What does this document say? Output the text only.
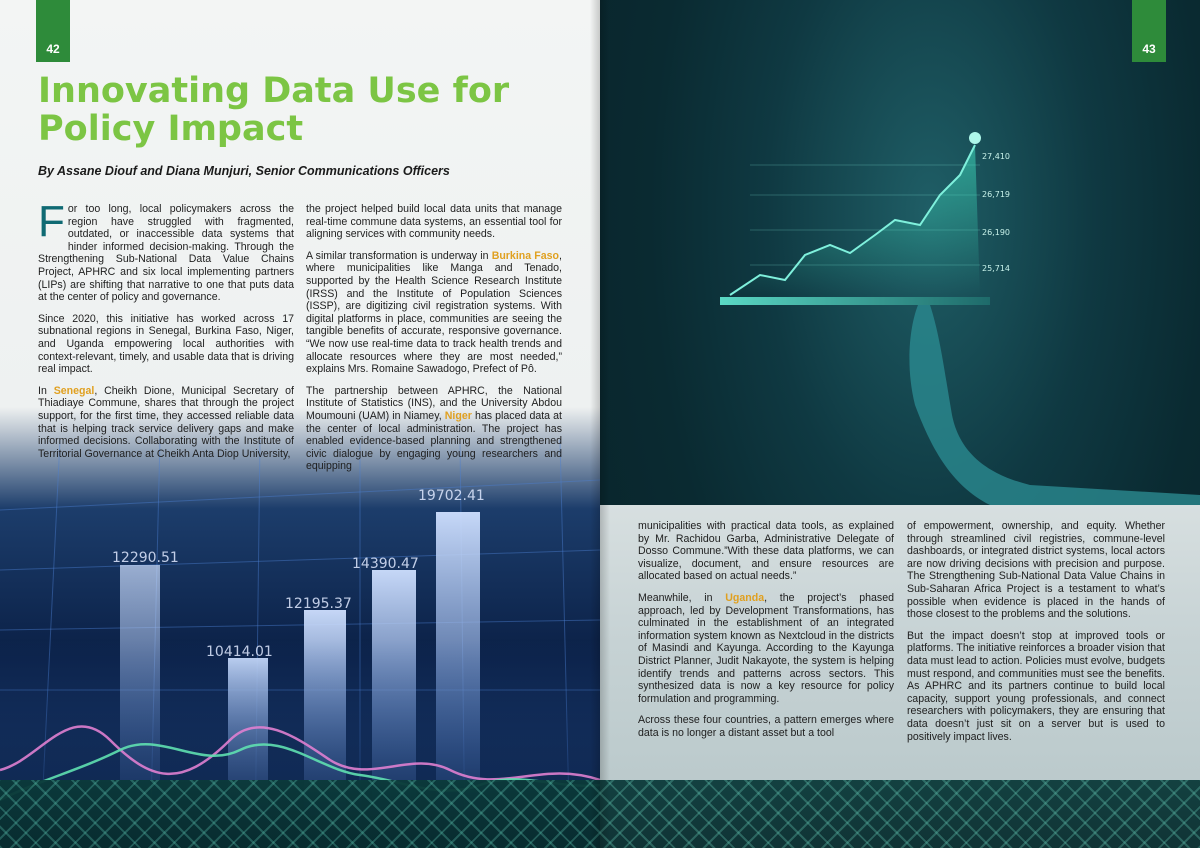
12290.51
10414.01
12195.37
14390.47
19702.41
42
Innovating Data Use for Policy Impact
By Assane Diouf and Diana Munjuri, Senior Communications Officers

For too long, local policymakers across the region have struggled with fragmented, outdated, or inaccessible data systems that hinder informed decision-making. Through the Strengthening Sub-National Data Value Chains Project, APHRC and six local implementing partners (LIPs) are shifting that narrative to one that puts data at the center of policy and governance.

Since 2020, this initiative has worked across 17 subnational regions in Senegal, Burkina Faso, Niger, and Uganda empowering local authorities with context-relevant, timely, and usable data that is driving real impact.

In Senegal, Cheikh Dione, Municipal Secretary of Thiadiaye Commune, shares that through the project support, for the first time, they accessed reliable data that is helping track service delivery gaps and make informed decisions. Collaborating with the Institute of Territorial Governance at Cheikh Anta Diop University,

the project helped build local data units that manage real-time commune data systems, an essential tool for aligning services with community needs.

A similar transformation is underway in Burkina Faso, where municipalities like Manga and Tenado, supported by the Health Science Research Institute (IRSS) and the Institute of Population Sciences (ISSP), are digitizing civil registration systems. With digital platforms in place, communities are seeing the tangible benefits of accurate, responsive governance. “We now use real-time data to track health trends and allocate resources where they are most needed,” explains Mrs. Romaine Sawadogo, Prefect of Pô.

The partnership between APHRC, the National Institute of Statistics (INS), and the University Abdou Moumouni (UAM) in Niamey, Niger has placed data at the center of local administration. The project has enabled evidence-based planning and strengthened civic dialogue by engaging young researchers and equipping

27,410
26,719
26,190
25,714
43

municipalities with practical data tools, as explained by Mr. Rachidou Garba, Administrative Delegate of Dosso Commune.”With these data platforms, we can visualize, document, and ensure resources are allocated based on actual needs.”

Meanwhile, in Uganda, the project’s phased approach, led by Development Transformations, has culminated in the establishment of an integrated information system known as Nextcloud in the districts of Masindi and Kayunga. According to the Kayunga District Planner, Judit Nakayote, the system is helping identify trends and patterns across sectors. This synthesized data is now a key resource for policy formulation and programming.

Across these four countries, a pattern emerges where data is no longer a distant asset but a tool

of empowerment, ownership, and equity. Whether through streamlined civil registries, commune-level dashboards, or integrated district systems, local actors are now driving decisions with precision and purpose. The Strengthening Sub-National Data Value Chains in Sub-Saharan Africa Project is a testament to what’s possible when evidence is placed in the hands of those closest to the problems and the solutions.

But the impact doesn’t stop at improved tools or platforms. The initiative reinforces a broader vision that data must lead to action. Policies must evolve, budgets must respond, and communities must see the benefits. As APHRC and its partners continue to build local capacity, support young professionals, and connect researchers with policymakers, they are ensuring that data doesn’t just sit on a server but is used to positively impact lives.
